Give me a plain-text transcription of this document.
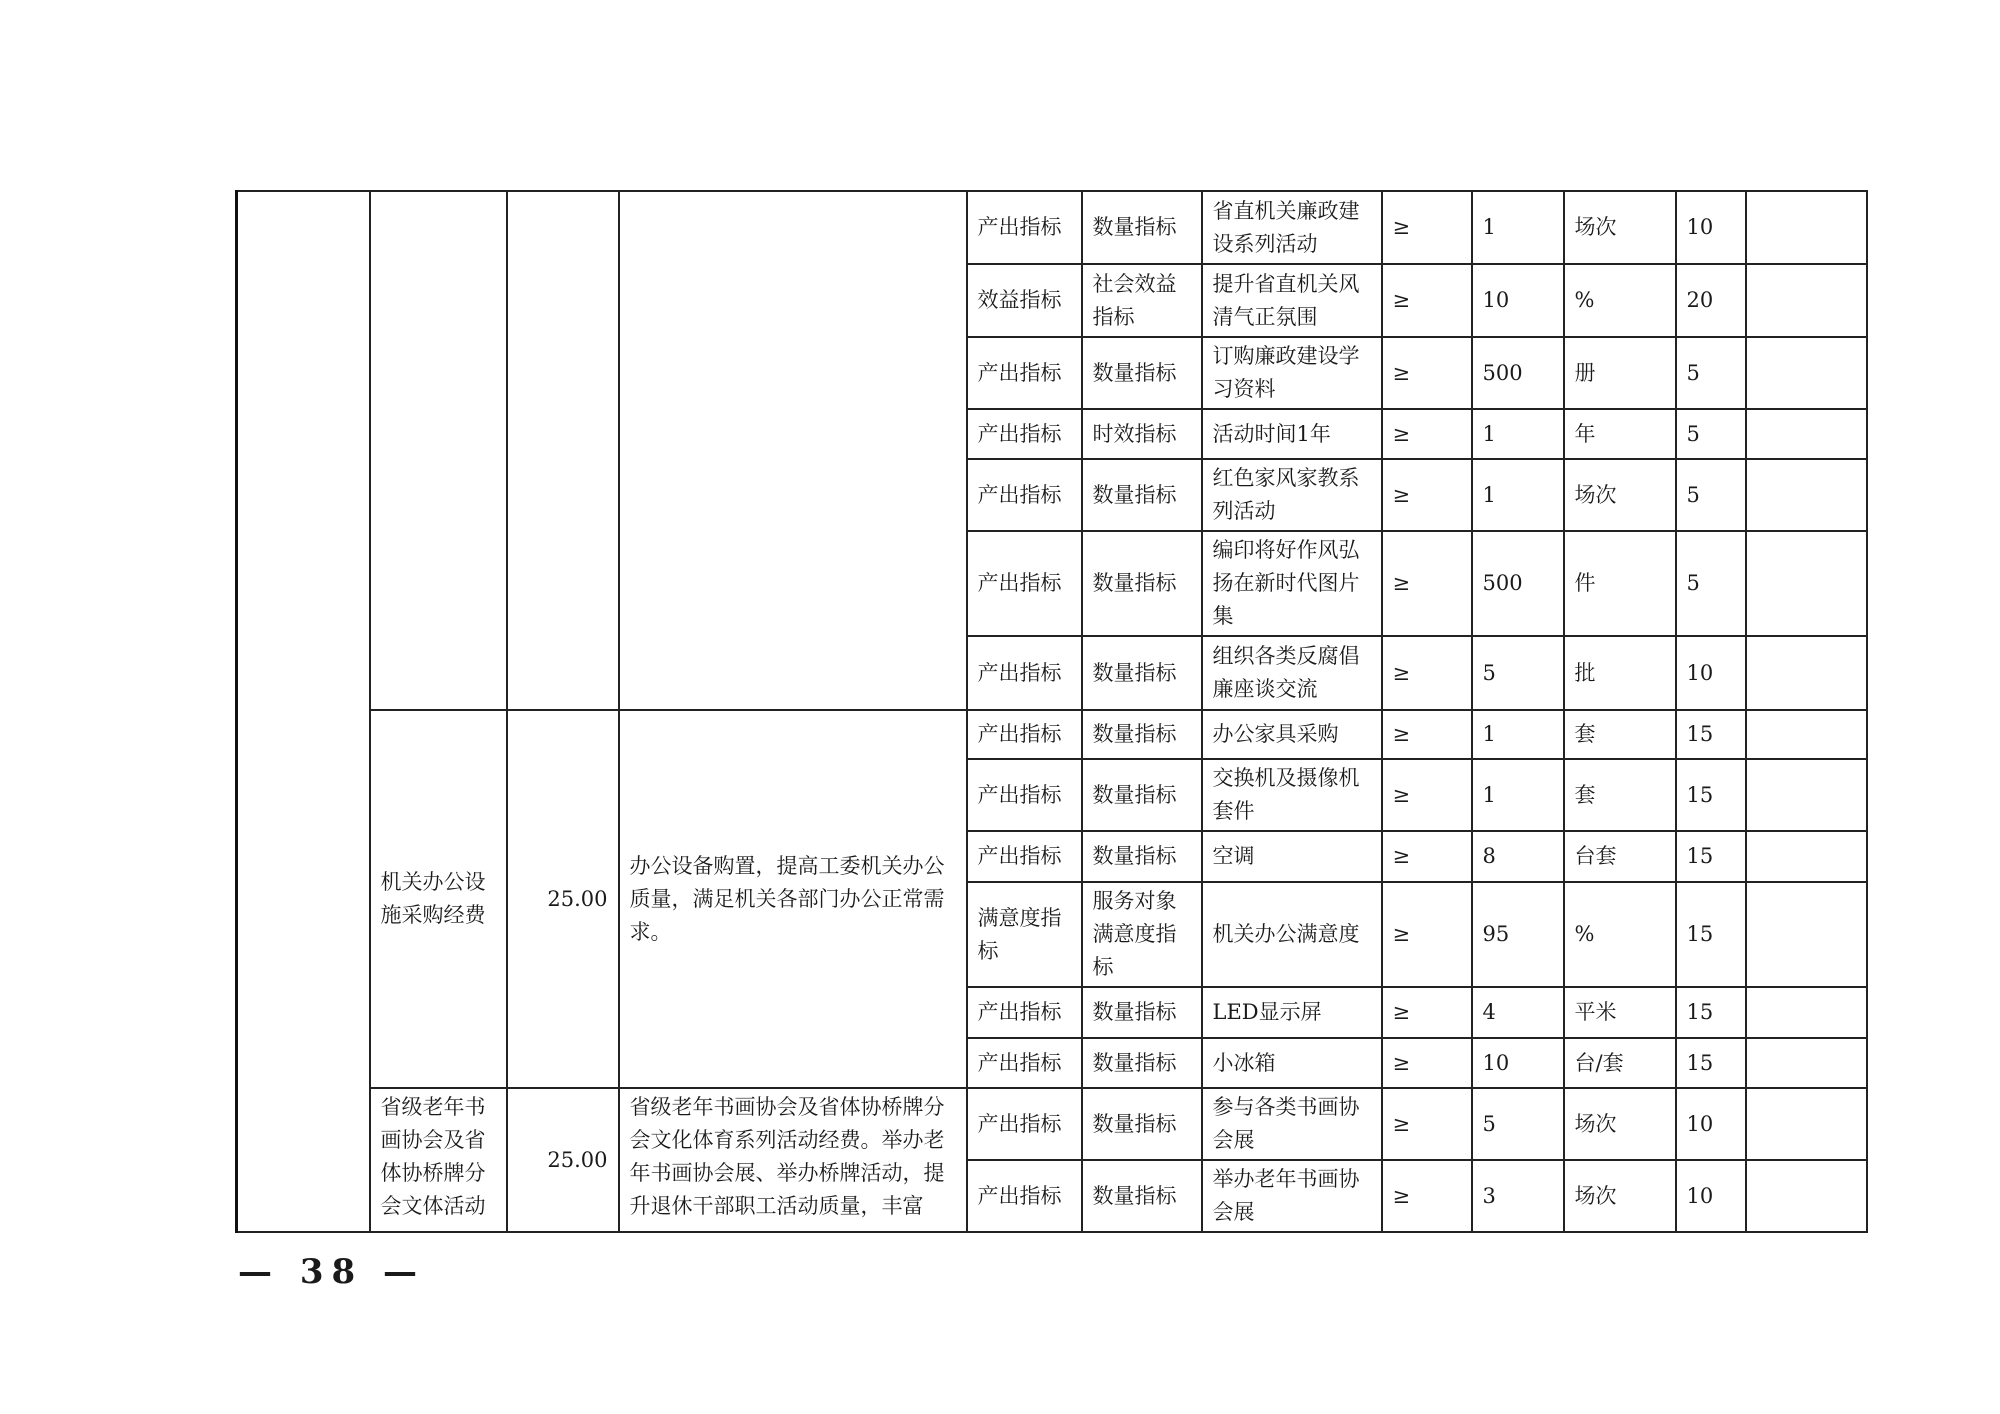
				产出指标	数量指标	省直机关廉政建设系列活动	≥	1	场次	10	
				效益指标	社会效益指标	提升省直机关风清气正氛围	≥	10	%	20	
				产出指标	数量指标	订购廉政建设学习资料	≥	500	册	5	
				产出指标	时效指标	活动时间1年	≥	1	年	5	
				产出指标	数量指标	红色家风家教系列活动	≥	1	场次	5	
				产出指标	数量指标	编印将好作风弘扬在新时代图片集	≥	500	件	5	
				产出指标	数量指标	组织各类反腐倡廉座谈交流	≥	5	批	10	
	机关办公设施采购经费	25.00	办公设备购置，提高工委机关办公质量，满足机关各部门办公正常需求。	产出指标	数量指标	办公家具采购	≥	1	套	15	
				产出指标	数量指标	交换机及摄像机套件	≥	1	套	15	
				产出指标	数量指标	空调	≥	8	台套	15	
				满意度指标	服务对象满意度指标	机关办公满意度	≥	95	%	15	
				产出指标	数量指标	LED显示屏	≥	4	平米	15	
				产出指标	数量指标	小冰箱	≥	10	台/套	15	
	省级老年书画协会及省体协桥牌分会文体活动	25.00	省级老年书画协会及省体协桥牌分会文化体育系列活动经费。举办老年书画协会展、举办桥牌活动，提升退休干部职工活动质量，丰富	产出指标	数量指标	参与各类书画协会展	≥	5	场次	10	
				产出指标	数量指标	举办老年书画协会展	≥	3	场次	10	
— 38 —
